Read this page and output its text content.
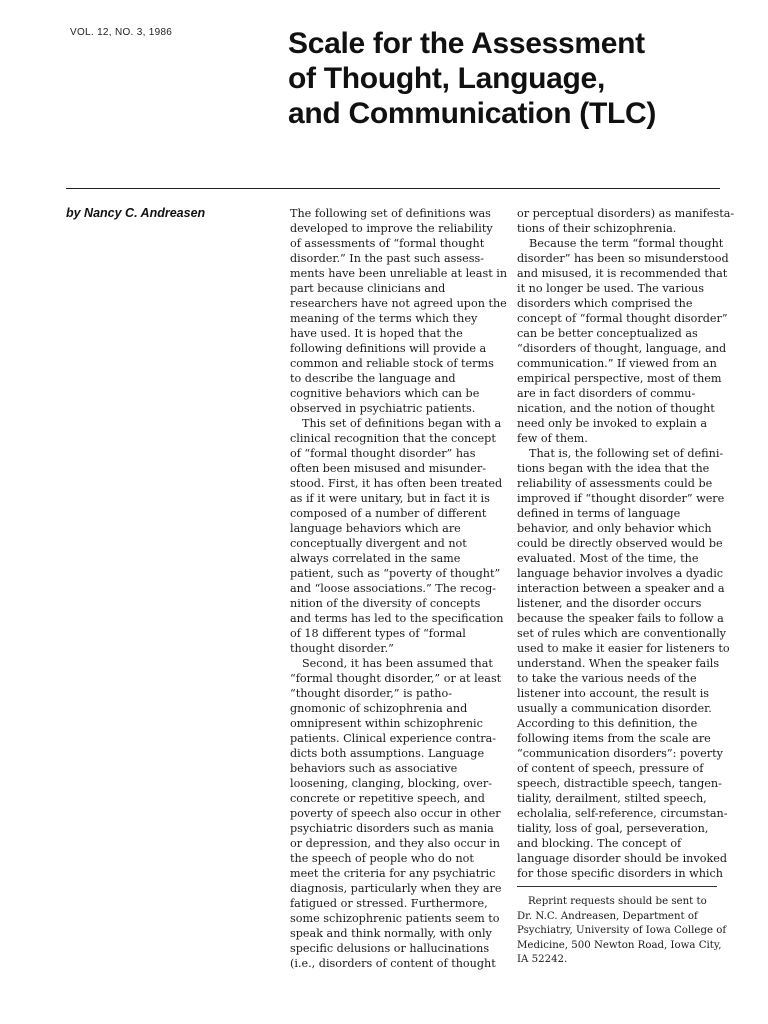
VOL. 12, NO. 3, 1986	Scale for the Assessment
of Thought, Language,
and Communication (TLC)
by Nancy C. Andreasen	The following set of definitions was
developed to improve the reliability
of assessments of “formal thought
disorder.” In the past such assess-
ments have been unreliable at least in
part because clinicians and
researchers have not agreed upon the
meaning of the terms which they
have used. It is hoped that the
following definitions will provide a
common and reliable stock of terms
to describe the language and
cognitive behaviors which can be
observed in psychiatric patients.
This set of definitions began with a
clinical recognition that the concept
of “formal thought disorder” has
often been misused and misunder-
stood. First, it has often been treated
as if it were unitary, but in fact it is
composed of a number of different
language behaviors which are
conceptually divergent and not
always correlated in the same
patient, such as “poverty of thought”
and “loose associations.” The recog-
nition of the diversity of concepts
and terms has led to the specification
of 18 different types of “formal
thought disorder.”
Second, it has been assumed that
“formal thought disorder,” or at least
“thought disorder,” is patho-
gnomonic of schizophrenia and
omnipresent within schizophrenic
patients. Clinical experience contra-
dicts both assumptions. Language
behaviors such as associative
loosening, clanging, blocking, over-
concrete or repetitive speech, and
poverty of speech also occur in other
psychiatric disorders such as mania
or depression, and they also occur in
the speech of people who do not
meet the criteria for any psychiatric
diagnosis, particularly when they are
fatigued or stressed. Furthermore,
some schizophrenic patients seem to
speak and think normally, with only
specific delusions or hallucinations
(i.e., disorders of content of thought
or perceptual disorders) as manifesta-
tions of their schizophrenia.
Because the term “formal thought
disorder” has been so misunderstood
and misused, it is recommended that
it no longer be used. The various
disorders which comprised the
concept of “formal thought disorder”
can be better conceptualized as
“disorders of thought, language, and
communication.” If viewed from an
empirical perspective, most of them
are in fact disorders of commu-
nication, and the notion of thought
need only be invoked to explain a
few of them.
That is, the following set of defini-
tions began with the idea that the
reliability of assessments could be
improved if “thought disorder” were
defined in terms of language
behavior, and only behavior which
could be directly observed would be
evaluated. Most of the time, the
language behavior involves a dyadic
interaction between a speaker and a
listener, and the disorder occurs
because the speaker fails to follow a
set of rules which are conventionally
used to make it easier for listeners to
understand. When the speaker fails
to take the various needs of the
listener into account, the result is
usually a communication disorder.
According to this definition, the
following items from the scale are
“communication disorders”: poverty
of content of speech, pressure of
speech, distractible speech, tangen-
tiality, derailment, stilted speech,
echolalia, self-reference, circumstan-
tiality, loss of goal, perseveration,
and blocking. The concept of
language disorder should be invoked
for those specific disorders in which
Reprint requests should be sent to
Dr. N.C. Andreasen, Department of
Psychiatry, University of Iowa College of
Medicine, 500 Newton Road, Iowa City,
IA 52242.
